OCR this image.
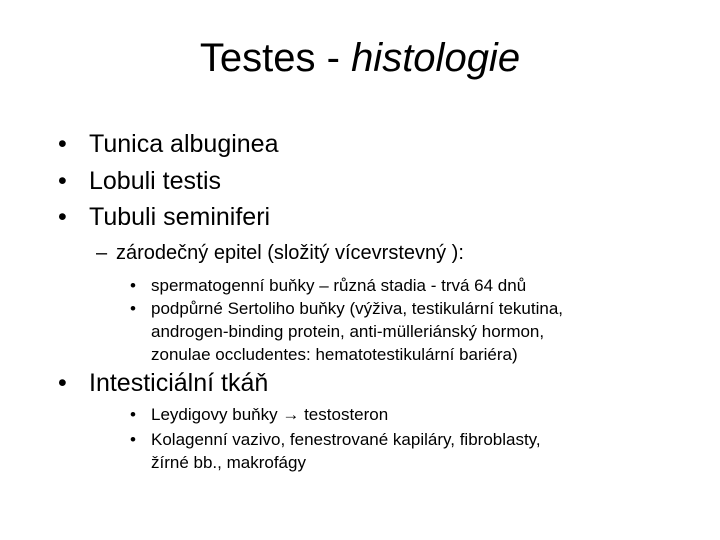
Testes - histologie
• Tunica albuginea
• Lobuli testis
• Tubuli seminiferi
– zárodečný epitel (složitý vícevrstevný ):
• spermatogenní buňky – různá stadia - trvá 64 dnů
• podpůrné Sertoliho buňky (výživa, testikulární tekutina,
androgen-binding protein, anti-mülleriánský hormon,
zonulae occludentes: hematotestikulární bariéra)
• Intesticiální tkáň
• Leydigovy buňky → testosteron
• Kolagenní vazivo, fenestrované kapiláry, fibroblasty,
žírné bb., makrofágy
